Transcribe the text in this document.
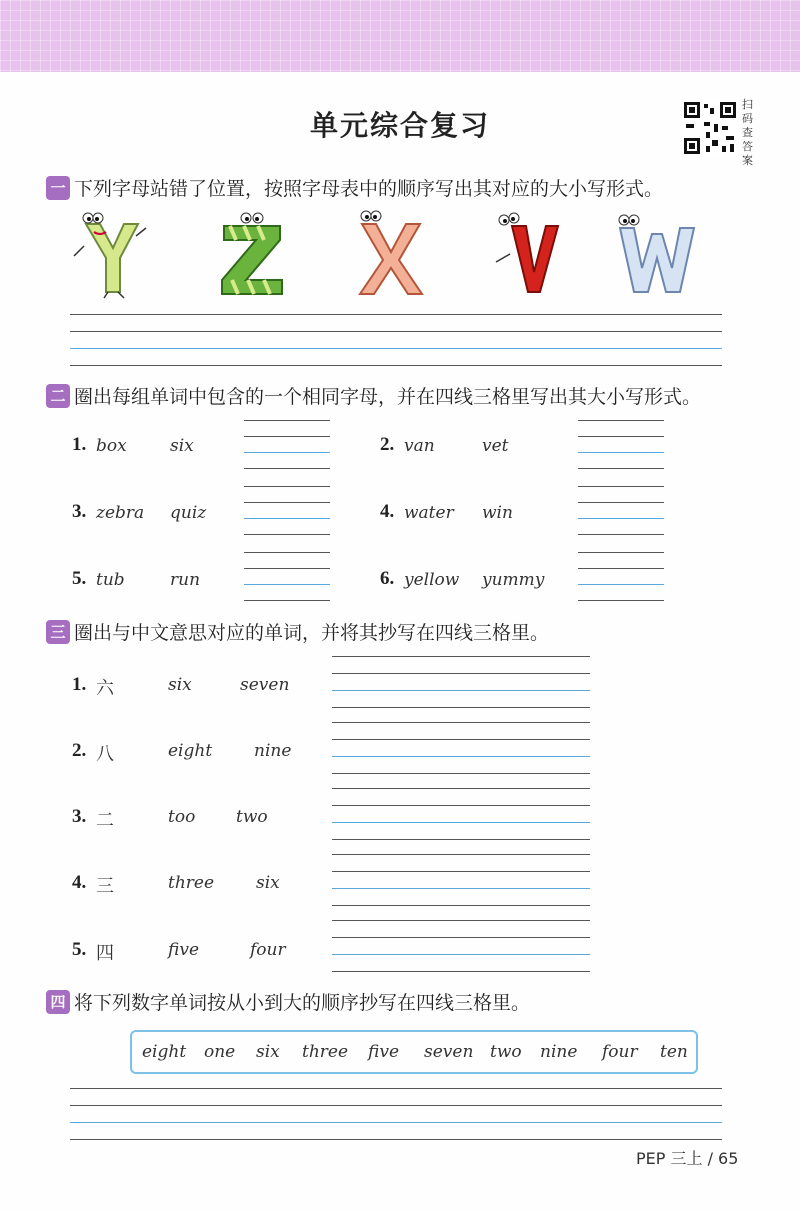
单元综合复习
扫码查答案
一 下列字母站错了位置，按照字母表中的顺序写出其对应的大小写形式。
二 圈出每组单词中包含的一个相同字母，并在四线三格里写出其大小写形式。
1. box	six	2. van	vet
3. zebra quiz	4. water win
5. tub	run	6. yellow yummy
三 圈出与中文意思对应的单词，并将其抄写在四线三格里。
1. 六	six	seven
2. 八	eight nine
3. 二	too two
4. 三	three six
5. 四	five	four
四 将下列数字单词按从小到大的顺序抄写在四线三格里。
eight one six three five seven two nine four ten
PEP 三上 / 65
